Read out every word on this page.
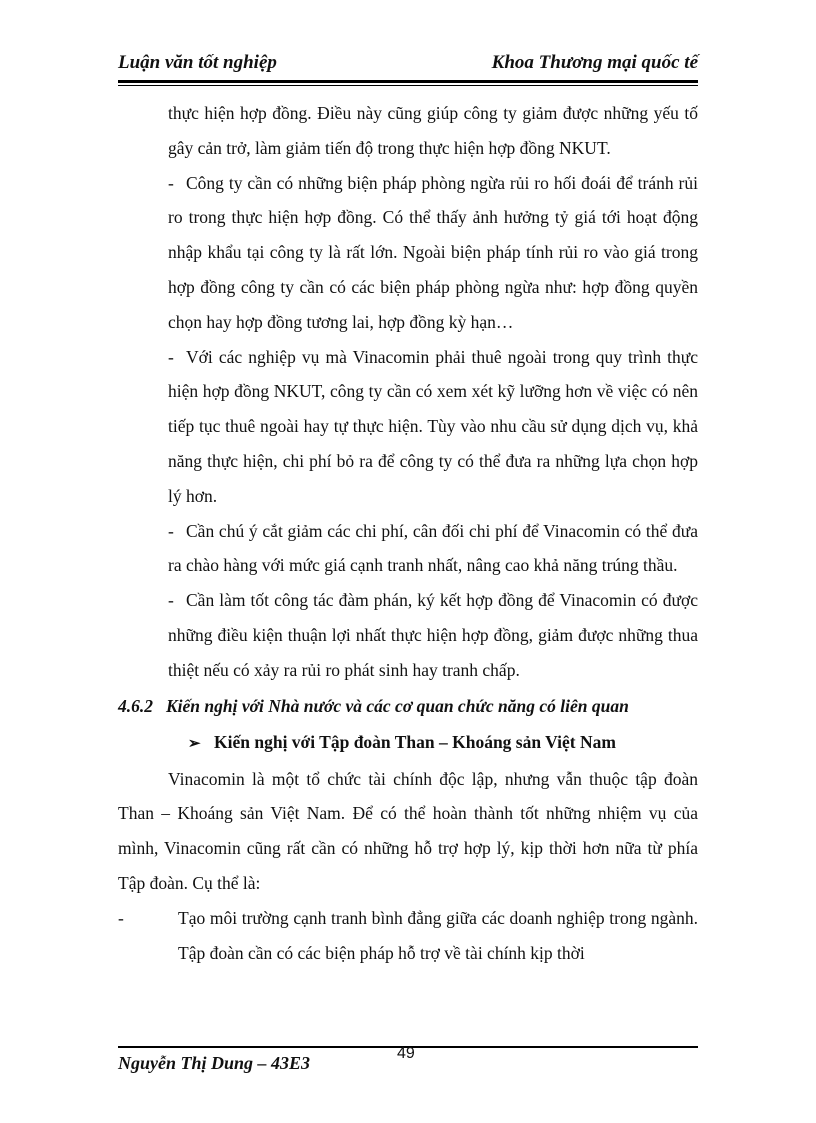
Luận văn tốt nghiệp	Khoa Thương mại quốc tế

thực hiện hợp đồng. Điều này cũng giúp công ty giảm được những yếu tố gây cản trở, làm giảm tiến độ trong thực hiện hợp đồng NKUT.

- Công ty cần có những biện pháp phòng ngừa rủi ro hối đoái để tránh rủi ro trong thực hiện hợp đồng. Có thể thấy ảnh hưởng tỷ giá tới hoạt động nhập khẩu tại công ty là rất lớn. Ngoài biện pháp tính rủi ro vào giá trong hợp đồng công ty cần có các biện pháp phòng ngừa như: hợp đồng quyền chọn hay hợp đồng tương lai, hợp đồng kỳ hạn…

- Với các nghiệp vụ mà Vinacomin phải thuê ngoài trong quy trình thực hiện hợp đồng NKUT, công ty cần có xem xét kỹ lưỡng hơn về việc có nên tiếp tục thuê ngoài hay tự thực hiện. Tùy vào nhu cầu sử dụng dịch vụ, khả năng thực hiện, chi phí bỏ ra để công ty có thể đưa ra những lựa chọn hợp lý hơn.

- Cần chú ý cắt giảm các chi phí, cân đối chi phí để Vinacomin có thể đưa ra chào hàng với mức giá cạnh tranh nhất, nâng cao khả năng trúng thầu.

- Cần làm tốt công tác đàm phán, ký kết hợp đồng để Vinacomin có được những điều kiện thuận lợi nhất thực hiện hợp đồng, giảm được những thua thiệt nếu có xảy ra rủi ro phát sinh hay tranh chấp.

4.6.2 Kiến nghị với Nhà nước và các cơ quan chức năng có liên quan

➢ Kiến nghị với Tập đoàn Than – Khoáng sản Việt Nam

Vinacomin là một tổ chức tài chính độc lập, nhưng vẫn thuộc tập đoàn Than – Khoáng sản Việt Nam. Để có thể hoàn thành tốt những nhiệm vụ của mình, Vinacomin cũng rất cần có những hỗ trợ hợp lý, kịp thời hơn nữa từ phía Tập đoàn. Cụ thể là:

-	Tạo môi trường cạnh tranh bình đẳng giữa các doanh nghiệp trong ngành. Tập đoàn cần có các biện pháp hỗ trợ về tài chính kịp thời

Nguyễn Thị Dung – 43E3	49
